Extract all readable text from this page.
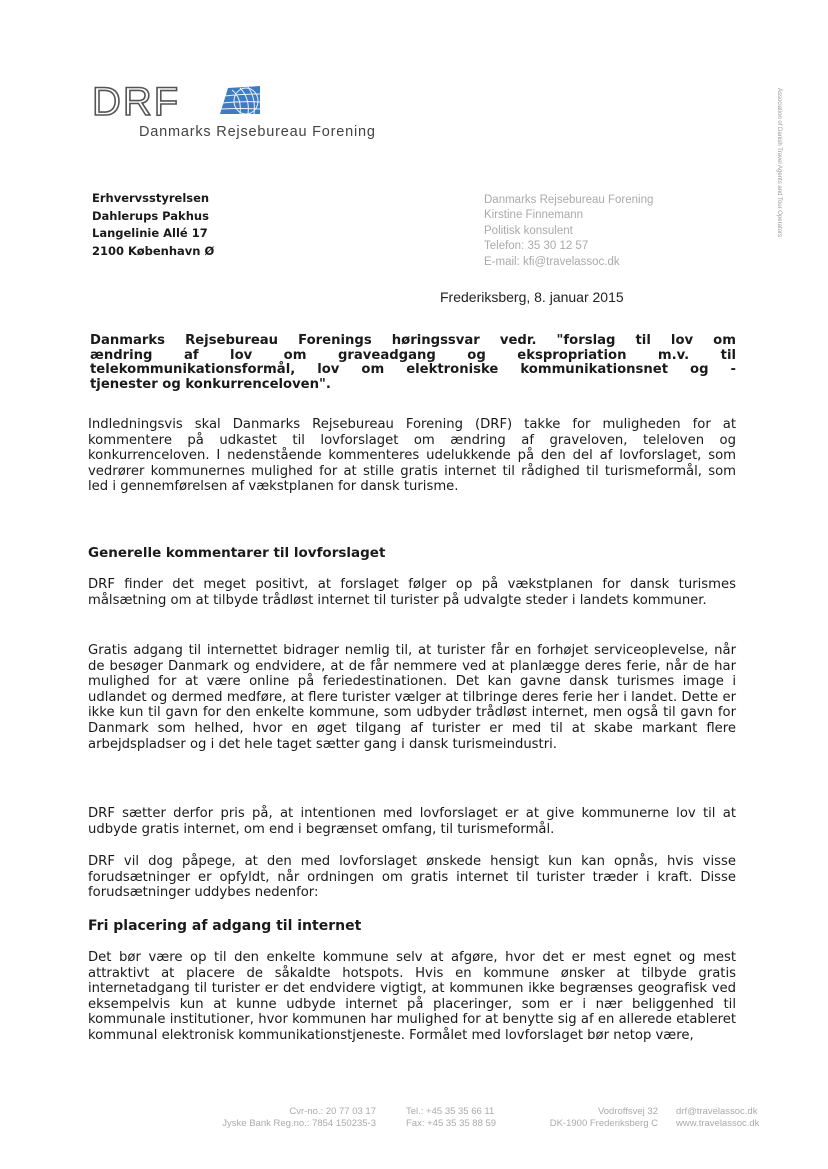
DRF
Danmarks Rejsebureau Forening	Association of Danish Travel Agents and Tour Operators
Erhvervsstyrelsen
Dahlerups Pakhus
Langelinie Allé 17
2100 København Ø
Danmarks Rejsebureau Forening
Kirstine Finnemann
Politisk konsulent
Telefon: 35 30 12 57
E-mail: kfi@travelassoc.dk
Frederiksberg, 8. januar 2015
Danmarks Rejsebureau Forenings høringssvar vedr. "forslag til lov om
ændring af lov om graveadgang og ekspropriation m.v. til
telekommunikationsformål, lov om elektroniske kommunikationsnet og -
tjenester og konkurrenceloven".
Indledningsvis skal Danmarks Rejsebureau Forening (DRF) takke for muligheden for at kommentere på udkastet til lovforslaget om ændring af graveloven, teleloven og konkurrenceloven. I nedenstående kommenteres udelukkende på den del af lovforslaget, som vedrører kommunernes mulighed for at stille gratis internet til rådighed til turismeformål, som led i gennemførelsen af vækstplanen for dansk turisme.
Generelle kommentarer til lovforslaget
DRF finder det meget positivt, at forslaget følger op på vækstplanen for dansk turismes målsætning om at tilbyde trådløst internet til turister på udvalgte steder i landets kommuner.
Gratis adgang til internettet bidrager nemlig til, at turister får en forhøjet serviceoplevelse, når de besøger Danmark og endvidere, at de får nemmere ved at planlægge deres ferie, når de har mulighed for at være online på feriedestinationen. Det kan gavne dansk turismes image i udlandet og dermed medføre, at flere turister vælger at tilbringe deres ferie her i landet. Dette er ikke kun til gavn for den enkelte kommune, som udbyder trådløst internet, men også til gavn for Danmark som helhed, hvor en øget tilgang af turister er med til at skabe markant flere arbejdspladser og i det hele taget sætter gang i dansk turismeindustri.
DRF sætter derfor pris på, at intentionen med lovforslaget er at give kommunerne lov til at udbyde gratis internet, om end i begrænset omfang, til turismeformål.
DRF vil dog påpege, at den med lovforslaget ønskede hensigt kun kan opnås, hvis visse forudsætninger er opfyldt, når ordningen om gratis internet til turister træder i kraft. Disse forudsætninger uddybes nedenfor:
Fri placering af adgang til internet
Det bør være op til den enkelte kommune selv at afgøre, hvor det er mest egnet og mest attraktivt at placere de såkaldte hotspots. Hvis en kommune ønsker at tilbyde gratis internetadgang til turister er det endvidere vigtigt, at kommunen ikke begrænses geografisk ved eksempelvis kun at kunne udbyde internet på placeringer, som er i nær beliggenhed til kommunale institutioner, hvor kommunen har mulighed for at benytte sig af en allerede etableret kommunal elektronisk kommunikationstjeneste. Formålet med lovforslaget bør netop være,
Cvr-no.: 20 77 03 17
Jyske Bank Reg.no.: 7854 150235-3
Tel.: +45 35 35 66 11
Fax: +45 35 35 88 59
Vodroffsvej 32
DK-1900 Frederiksberg C
drf@travelassoc.dk
www.travelassoc.dk
